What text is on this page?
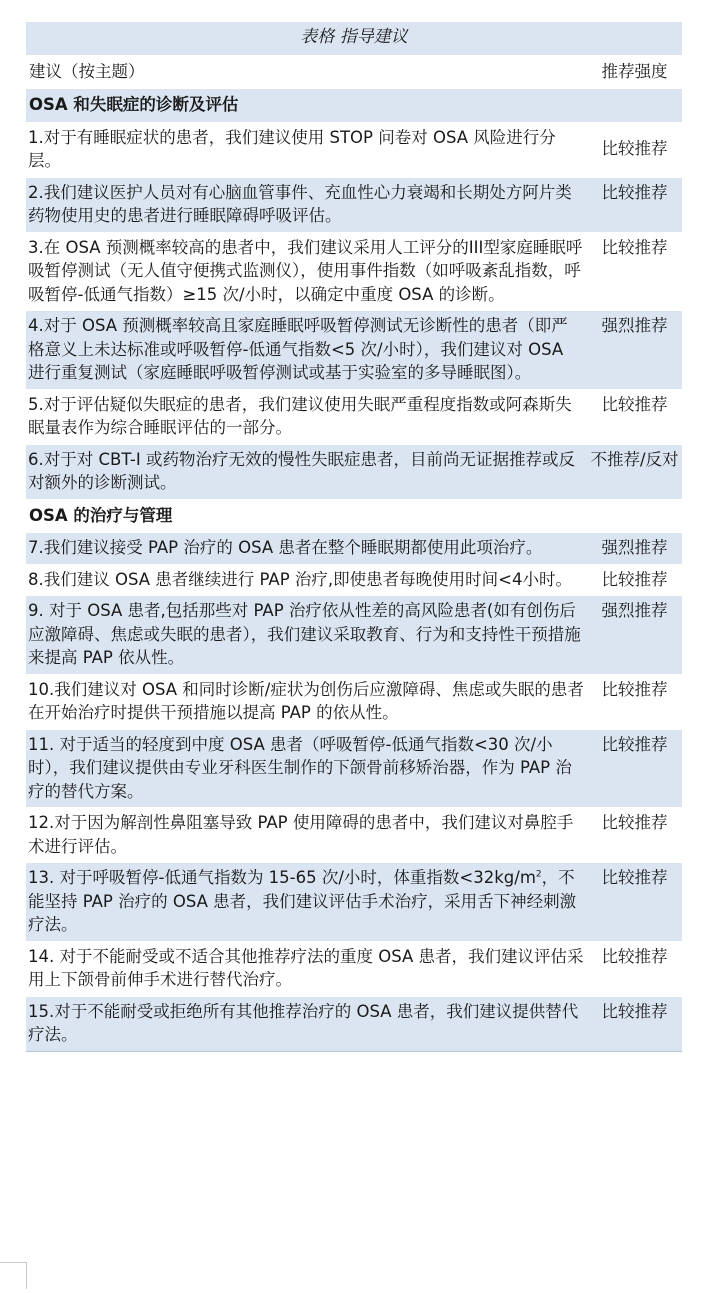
表格 指导建议	
建议（按主题）	推荐强度
OSA 和失眠症的诊断及评估	
1.对于有睡眠症状的患者，我们建议使用 STOP 问卷对 OSA 风险进行分层。	比较推荐
2.我们建议医护人员对有心脑血管事件、充血性心力衰竭和长期处方阿片类药物使用史的患者进行睡眠障碍呼吸评估。	比较推荐
3.在 OSA 预测概率较高的患者中，我们建议采用人工评分的III型家庭睡眠呼吸暂停测试（无人值守便携式监测仪），使用事件指数（如呼吸紊乱指数，呼吸暂停-低通气指数）≥15 次/小时，以确定中重度 OSA 的诊断。	比较推荐
4.对于 OSA 预测概率较高且家庭睡眠呼吸暂停测试无诊断性的患者（即严格意义上未达标准或呼吸暂停-低通气指数<5 次/小时），我们建议对 OSA 进行重复测试（家庭睡眠呼吸暂停测试或基于实验室的多导睡眠图）。	强烈推荐
5.对于评估疑似失眠症的患者，我们建议使用失眠严重程度指数或阿森斯失眠量表作为综合睡眠评估的一部分。	比较推荐
6.对于对 CBT-I 或药物治疗无效的慢性失眠症患者，目前尚无证据推荐或反对额外的诊断测试。	不推荐/反对
OSA 的治疗与管理	
7.我们建议接受 PAP 治疗的 OSA 患者在整个睡眠期都使用此项治疗。	强烈推荐
8.我们建议 OSA 患者继续进行 PAP 治疗,即使患者每晚使用时间<4小时。	比较推荐
9. 对于 OSA 患者,包括那些对 PAP 治疗依从性差的高风险患者(如有创伤后应激障碍、焦虑或失眠的患者），我们建议采取教育、行为和支持性干预措施来提高 PAP 依从性。	强烈推荐
10.我们建议对 OSA 和同时诊断/症状为创伤后应激障碍、焦虑或失眠的患者在开始治疗时提供干预措施以提高 PAP 的依从性。	比较推荐
11. 对于适当的轻度到中度 OSA 患者（呼吸暂停-低通气指数<30 次/小时），我们建议提供由专业牙科医生制作的下颌骨前移矫治器，作为 PAP 治疗的替代方案。	比较推荐
12.对于因为解剖性鼻阻塞导致 PAP 使用障碍的患者中，我们建议对鼻腔手术进行评估。	比较推荐
13. 对于呼吸暂停-低通气指数为 15-65 次/小时，体重指数$<32kg/m^2$，不能坚持 PAP 治疗的 OSA 患者，我们建议评估手术治疗，采用舌下神经刺激疗法。	比较推荐
14. 对于不能耐受或不适合其他推荐疗法的重度 OSA 患者，我们建议评估采用上下颌骨前伸手术进行替代治疗。	比较推荐
15.对于不能耐受或拒绝所有其他推荐治疗的 OSA 患者，我们建议提供替代疗法。	比较推荐
